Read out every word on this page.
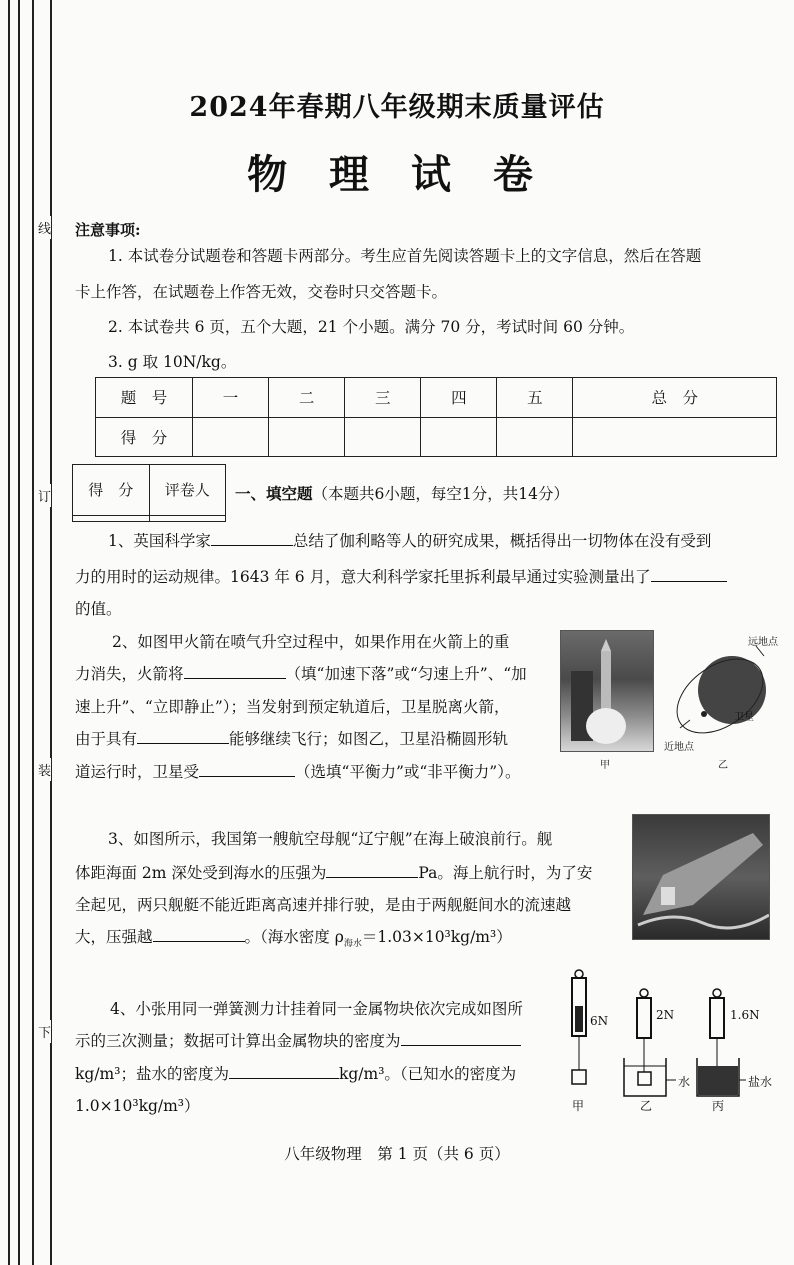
线
订
装
下
2024年春期八年级期末质量评估
物 理 试 卷
注意事项:
1. 本试卷分试题卷和答题卡两部分。考生应首先阅读答题卡上的文字信息，然后在答题
卡上作答，在试题卷上作答无效，交卷时只交答题卡。
2. 本试卷共 6 页，五个大题，21 个小题。满分 70 分，考试时间 60 分钟。
3. g 取 10N/kg。
题　号	一	二	三	四	五	总　分
得　分						
得　分	评卷人
	一、填空题（本题共6小题，每空1分，共14分）
1、英国科学家	总结了伽利略等人的研究成果，概括得出一切物体在没有受到
力的用时的运动规律。1643 年 6 月，意大利科学家托里拆利最早通过实验测量出了
的值。
2、如图甲火箭在喷气升空过程中，如果作用在火箭上的重
力消失，火箭将	（填“加速下落”或“匀速上升”、“加
速上升”、“立即静止”）；当发射到预定轨道后，卫星脱离火箭，
由于具有	能够继续飞行；如图乙，卫星沿椭圆形轨
道运行时，卫星受	（选填“平衡力”或“非平衡力”）。	甲
远地点
近地点
卫星
乙
3、如图所示，我国第一艘航空母舰“辽宁舰”在海上破浪前行。舰
体距海面 2m 深处受到海水的压强为	Pa。海上航行时，为了安
全起见，两只舰艇不能近距离高速并排行驶，是由于两舰艇间水的流速越
大，压强越	。（海水密度 $\rho_{海水}=1.03\times 10^3kg/m^3$）
4、小张用同一弹簧测力计挂着同一金属物块依次完成如图所
示的三次测量；数据可计算出金属物块的密度为
kg/m³；盐水的密度为	kg/m³。（已知水的密度为
1.0×10³kg/m³）
6N	2N	1.6N
水	盐水
甲	乙	丙
八年级物理　第 1 页（共 6 页）
